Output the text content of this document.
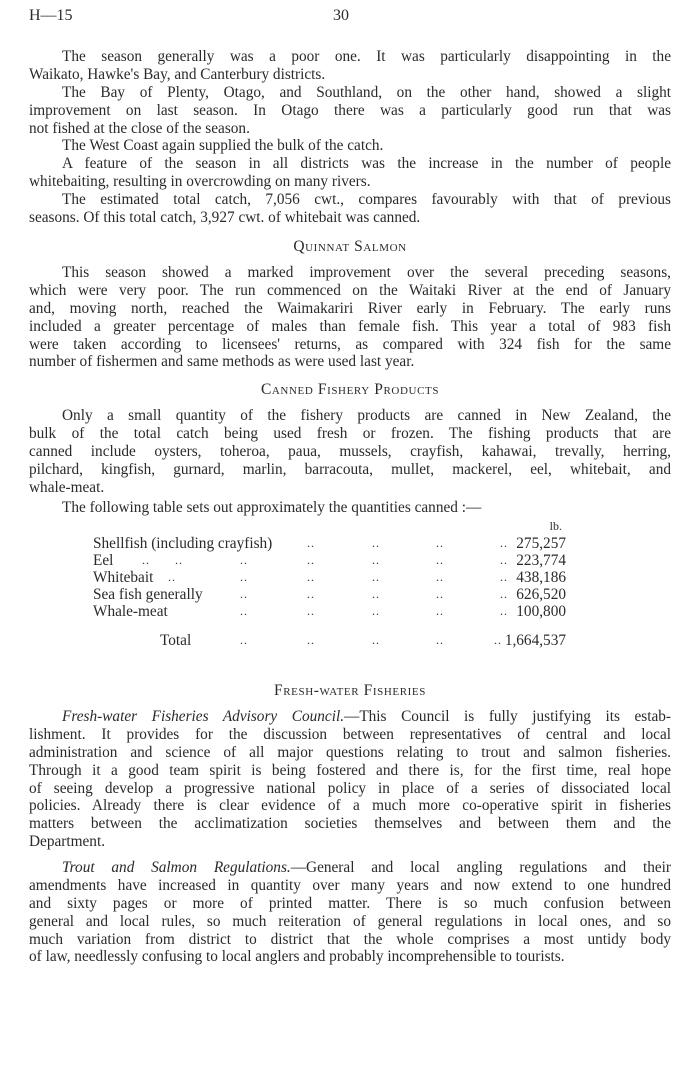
H—15	30
The season generally was a poor one. It was particularly disappointing in the
Waikato, Hawke's Bay, and Canterbury districts.
The Bay of Plenty, Otago, and Southland, on the other hand, showed a slight
improvement on last season. In Otago there was a particularly good run that was
not fished at the close of the season.
The West Coast again supplied the bulk of the catch.
A feature of the season in all districts was the increase in the number of people
whitebaiting, resulting in overcrowding on many rivers.
The estimated total catch, 7,056 cwt., compares favourably with that of previous
seasons. Of this total catch, 3,927 cwt. of whitebait was canned.
Quinnat Salmon
This season showed a marked improvement over the several preceding seasons,
which were very poor. The run commenced on the Waitaki River at the end of January
and, moving north, reached the Waimakariri River early in February. The early runs
included a greater percentage of males than female fish. This year a total of 983 fish
were taken according to licensees' returns, as compared with 324 fish for the same
number of fishermen and same methods as were used last year.
Canned Fishery Products
Only a small quantity of the fishery products are canned in New Zealand, the
bulk of the total catch being used fresh or frozen. The fishing products that are
canned include oysters, toheroa, paua, mussels, crayfish, kahawai, trevally, herring,
pilchard, kingfish, gurnard, marlin, barracouta, mullet, mackerel, eel, whitebait, and
whale-meat.
The following table sets out approximately the quantities canned :—
lb.
Shellfish (including crayfish)	..	..	..	.. 275,257
Eel .. ..	..	..	..	..	.. 223,774
Whitebait ..	..	..	..	..	.. 438,186
Sea fish generally	..	..	..	..	.. 626,520
Whale-meat	..	..	..	..	.. 100,800
Total	..	..	..	..	.. 1,664,537
Fresh-water Fisheries
Fresh-water Fisheries Advisory Council.—This Council is fully justifying its estab-
lishment. It provides for the discussion between representatives of central and local
administration and science of all major questions relating to trout and salmon fisheries.
Through it a good team spirit is being fostered and there is, for the first time, real hope
of seeing develop a progressive national policy in place of a series of dissociated local
policies. Already there is clear evidence of a much more co-operative spirit in fisheries
matters between the acclimatization societies themselves and between them and the
Department.
Trout and Salmon Regulations.—General and local angling regulations and their
amendments have increased in quantity over many years and now extend to one hundred
and sixty pages or more of printed matter. There is so much confusion between
general and local rules, so much reiteration of general regulations in local ones, and so
much variation from district to district that the whole comprises a most untidy body
of law, needlessly confusing to local anglers and probably incomprehensible to tourists.
